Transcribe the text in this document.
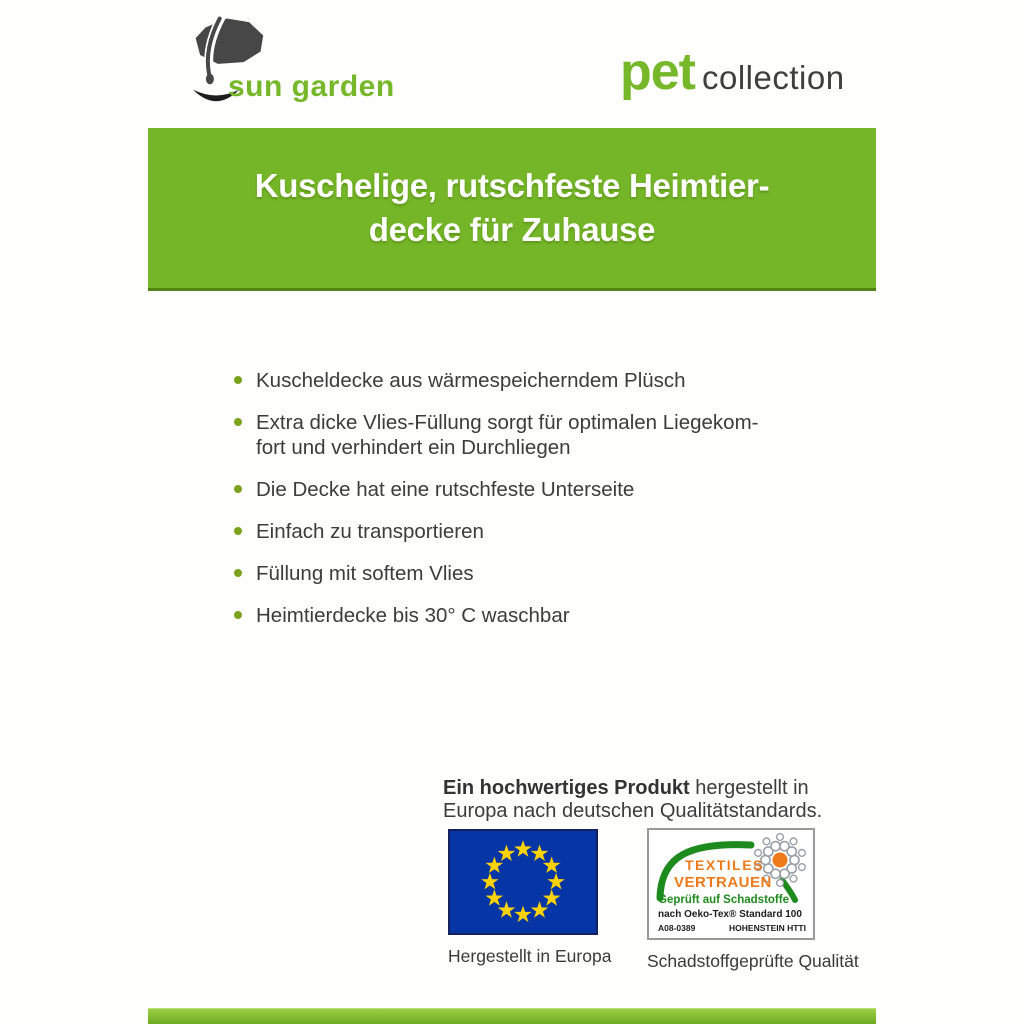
sun garden	pet collection
Kuschelige, rutschfeste Heimtier-
decke für Zuhause
Kuscheldecke aus wärmespeicherndem Plüsch
Extra dicke Vlies-Füllung sorgt für optimalen Liegekom-
fort und verhindert ein Durchliegen
Die Decke hat eine rutschfeste Unterseite
Einfach zu transportieren
Füllung mit softem Vlies
Heimtierdecke bis 30° C waschbar

Ein hochwertiges Produkt hergestellt in
Europa nach deutschen Qualitätstandards.

Hergestellt in Europa
TEXTILES
VERTRAUEN
Geprüft auf Schadstoffe
nach Oeko-Tex® Standard 100
A08-0389	HOHENSTEIN HTTI
Schadstoffgeprüfte Qualität
